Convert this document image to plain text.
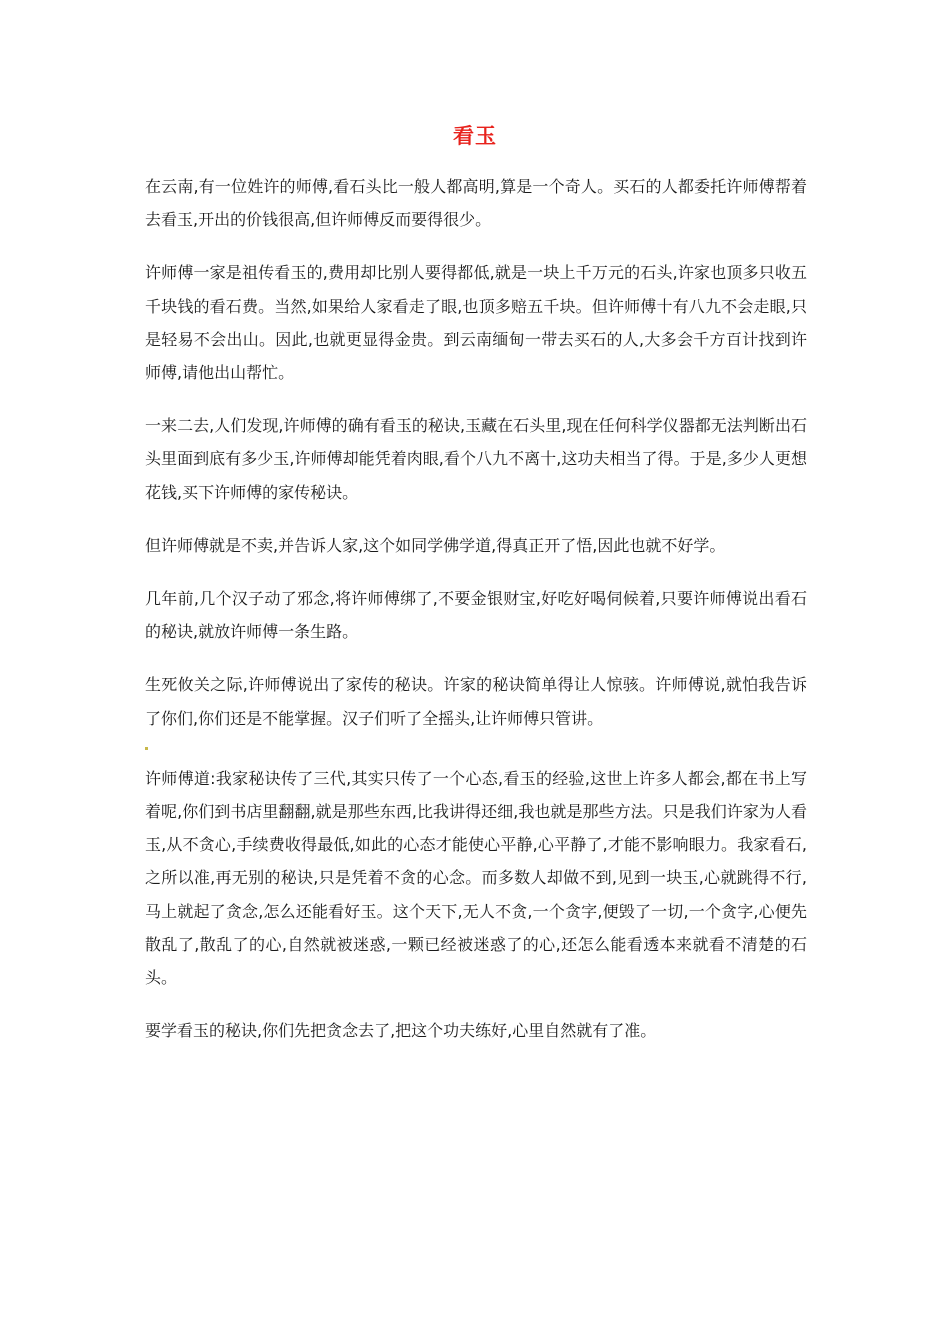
看玉

在云南,有一位姓许的师傅,看石头比一般人都高明,算是一个奇人。买石的人都委托许师傅帮着去看玉,开出的价钱很高,但许师傅反而要得很少。

许师傅一家是祖传看玉的,费用却比别人要得都低,就是一块上千万元的石头,许家也顶多只收五千块钱的看石费。当然,如果给人家看走了眼,也顶多赔五千块。但许师傅十有八九不会走眼,只是轻易不会出山。因此,也就更显得金贵。到云南缅甸一带去买石的人,大多会千方百计找到许师傅,请他出山帮忙。

一来二去,人们发现,许师傅的确有看玉的秘诀,玉藏在石头里,现在任何科学仪器都无法判断出石头里面到底有多少玉,许师傅却能凭着肉眼,看个八九不离十,这功夫相当了得。于是,多少人更想花钱,买下许师傅的家传秘诀。

但许师傅就是不卖,并告诉人家,这个如同学佛学道,得真正开了悟,因此也就不好学。

几年前,几个汉子动了邪念,将许师傅绑了,不要金银财宝,好吃好喝伺候着,只要许师傅说出看石的秘诀,就放许师傅一条生路。

生死攸关之际,许师傅说出了家传的秘诀。许家的秘诀简单得让人惊骇。许师傅说,就怕我告诉了你们,你们还是不能掌握。汉子们听了全摇头,让许师傅只管讲。

许师傅道:我家秘诀传了三代,其实只传了一个心态,看玉的经验,这世上许多人都会,都在书上写着呢,你们到书店里翻翻,就是那些东西,比我讲得还细,我也就是那些方法。只是我们许家为人看玉,从不贪心,手续费收得最低,如此的心态才能使心平静,心平静了,才能不影响眼力。我家看石,之所以准,再无别的秘诀,只是凭着不贪的心念。而多数人却做不到,见到一块玉,心就跳得不行,马上就起了贪念,怎么还能看好玉。这个天下,无人不贪,一个贪字,便毁了一切,一个贪字,心便先散乱了,散乱了的心,自然就被迷惑,一颗已经被迷惑了的心,还怎么能看透本来就看不清楚的石头。

要学看玉的秘诀,你们先把贪念去了,把这个功夫练好,心里自然就有了准。
